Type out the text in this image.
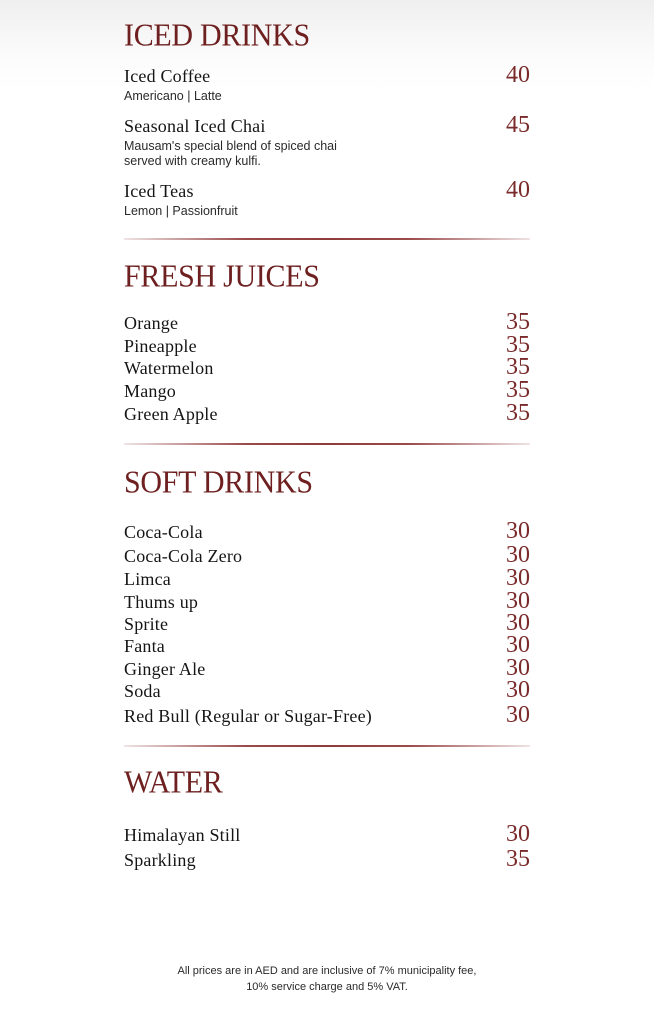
ICED DRINKS
Iced Coffee
Americano | Latte
40
Seasonal Iced Chai
Mausam's special blend of spiced chai served with creamy kulfi.
45
Iced Teas
Lemon | Passionfruit
40
FRESH JUICES
Orange	35
Pineapple	35
Watermelon	35
Mango	35
Green Apple	35
SOFT DRINKS
Coca-Cola	30
Coca-Cola Zero	30
Limca	30
Thums up	30
Sprite	30
Fanta	30
Ginger Ale	30
Soda	30
Red Bull (Regular or Sugar-Free)	30
WATER
Himalayan Still	30
Sparkling	35
All prices are in AED and are inclusive of 7% municipality fee,
10% service charge and 5% VAT.
